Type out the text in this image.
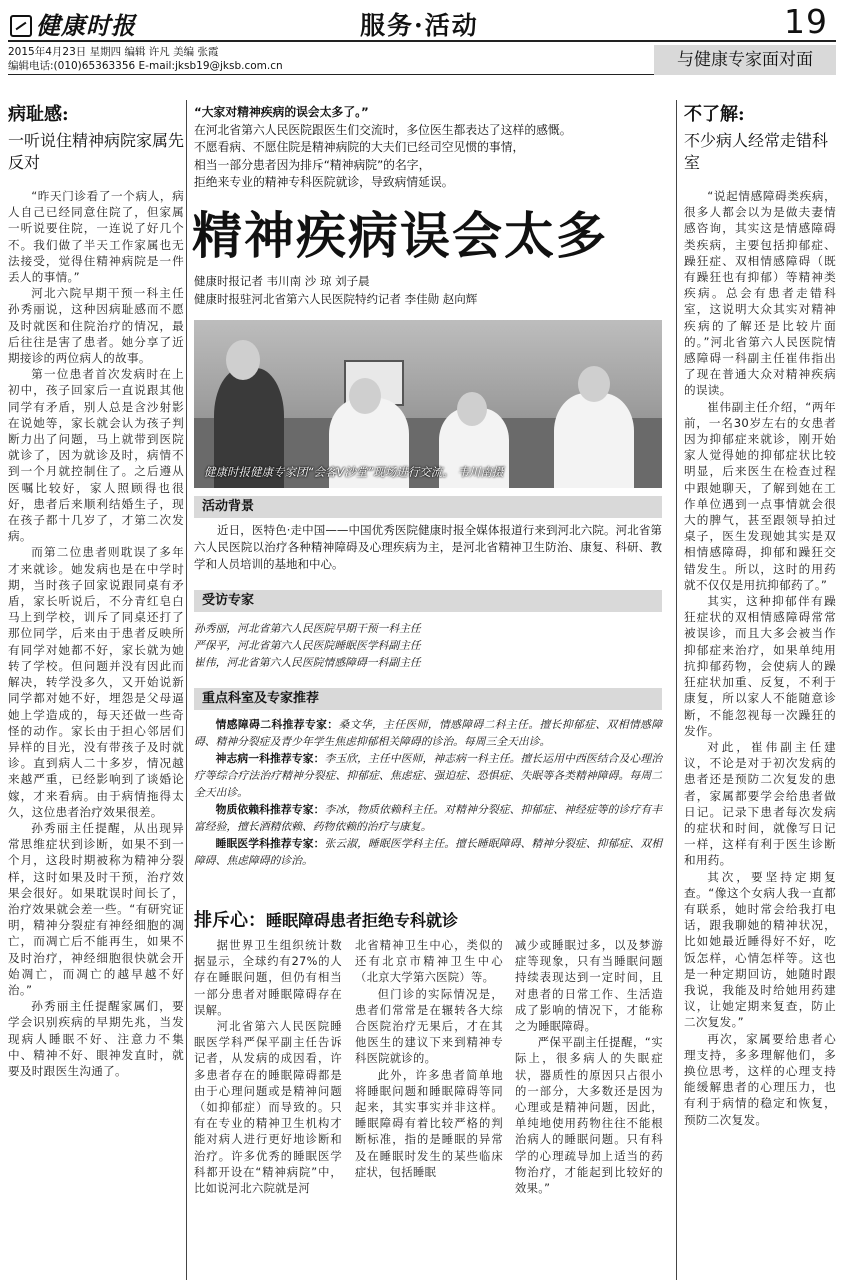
健康时报	服务·活动	19
2015年4月23日 星期四 编辑 许凡 美编 张霞
编辑电话:(010)65363356 E-mail:jksb19@jksb.com.cn	与健康专家面对面
病耻感:
一听说住精神病院家属先反对

“昨天门诊看了一个病人，病人自己已经同意住院了，但家属一听说要住院，一连说了好几个不。我们做了半天工作家属也无法接受，觉得住精神病院是一件丢人的事情。”

河北六院早期干预一科主任孙秀丽说，这种因病耻感而不愿及时就医和住院治疗的情况，最后往往是害了患者。她分享了近期接诊的两位病人的故事。

第一位患者首次发病时在上初中，孩子回家后一直说跟其他同学有矛盾，别人总是含沙射影在说她等，家长就会认为孩子判断力出了问题，马上就带到医院就诊了，因为就诊及时，病情不到一个月就控制住了。之后遵从医嘱比较好，家人照顾得也很好，患者后来顺利结婚生子，现在孩子都十几岁了，才第二次发病。

而第二位患者则耽误了多年才来就诊。她发病也是在中学时期，当时孩子回家说跟同桌有矛盾，家长听说后，不分青红皂白马上到学校，训斥了同桌还打了那位同学，后来由于患者反映所有同学对她都不好，家长就为她转了学校。但问题并没有因此而解决，转学没多久，又开始说新同学都对她不好，埋怨是父母逼她上学造成的，每天还做一些奇怪的动作。家长由于担心邻居们异样的目光，没有带孩子及时就诊。直到病人二十多岁，情况越来越严重，已经影响到了谈婚论嫁，才来看病。由于病情拖得太久，这位患者治疗效果很差。

孙秀丽主任提醒，从出现异常思维症状到诊断，如果不到一个月，这段时期被称为精神分裂样，这时如果及时干预，治疗效果会很好。如果耽误时间长了，治疗效果就会差一些。“有研究证明，精神分裂症有神经细胞的凋亡，而凋亡后不能再生，如果不及时治疗，神经细胞很快就会开始凋亡，而凋亡的越早越不好治。”

孙秀丽主任提醒家属们，要学会识别疾病的早期先兆，当发现病人睡眠不好、注意力不集中、精神不好、眼神发直时，就要及时跟医生沟通了。

“大家对精神疾病的误会太多了。”
在河北省第六人民医院跟医生们交流时，多位医生都表达了这样的感慨。
不愿看病、不愿住院是精神病院的大夫们已经司空见惯的事情，
相当一部分患者因为排斥“精神病院”的名字，
拒绝来专业的精神专科医院就诊，导致病情延误。
精神疾病误会太多
健康时报记者 韦川南 沙 琼 刘子晨
健康时报驻河北省第六人民医院特约记者 李佳勋 赵向辉
健康时报健康专家团“会客V沙堂”现场进行交流。 韦川南摄
活动背景

近日，医特色·走中国——中国优秀医院健康时报全媒体报道行来到河北六院。河北省第六人民医院以治疗各种精神障碍及心理疾病为主，是河北省精神卫生防治、康复、科研、教学和人员培训的基地和中心。

受访专家
孙秀丽，河北省第六人民医院早期干预一科主任
严保平，河北省第六人民医院睡眠医学科副主任
崔伟，河北省第六人民医院情感障碍一科副主任
重点科室及专家推荐

情感障碍二科推荐专家：桑文华，主任医师，情感障碍二科主任。擅长抑郁症、双相情感障碍、精神分裂症及青少年学生焦虑抑郁相关障碍的诊治。每周三全天出诊。

神志病一科推荐专家：李玉欣，主任中医师，神志病一科主任。擅长运用中西医结合及心理治疗等综合疗法治疗精神分裂症、抑郁症、焦虑症、强迫症、恐惧症、失眠等各类精神障碍。每周二全天出诊。

物质依赖科推荐专家：李冰，物质依赖科主任。对精神分裂症、抑郁症、神经症等的诊疗有丰富经验，擅长酒精依赖、药物依赖的治疗与康复。

睡眠医学科推荐专家：张云淑，睡眠医学科主任。擅长睡眠障碍、精神分裂症、抑郁症、双相障碍、焦虑障碍的诊治。

排斥心：睡眠障碍患者拒绝专科就诊

据世界卫生组织统计数据显示，全球约有27%的人存在睡眠问题，但仍有相当一部分患者对睡眠障碍存在误解。

河北省第六人民医院睡眠医学科严保平副主任告诉记者，从发病的成因看，许多患者存在的睡眠障碍都是由于心理问题或是精神问题（如抑郁症）而导致的。只有在专业的精神卫生机构才能对病人进行更好地诊断和治疗。许多优秀的睡眠医学科都开设在“精神病院”中，比如说河北六院就是河

北省精神卫生中心，类似的还有北京市精神卫生中心（北京大学第六医院）等。

但门诊的实际情况是，患者们常常是在辗转各大综合医院治疗无果后，才在其他医生的建议下来到精神专科医院就诊的。

此外，许多患者简单地将睡眠问题和睡眠障碍等同起来，其实事实并非这样。睡眠障碍有着比较严格的判断标准，指的是睡眠的异常及在睡眠时发生的某些临床症状，包括睡眠

减少或睡眠过多，以及梦游症等现象，只有当睡眠问题持续表现达到一定时间，且对患者的日常工作、生活造成了影响的情况下，才能称之为睡眠障碍。

严保平副主任提醒，“实际上，很多病人的失眠症状，器质性的原因只占很小的一部分，大多数还是因为心理或是精神问题，因此，单纯地使用药物往往不能根治病人的睡眠问题。只有科学的心理疏导加上适当的药物治疗，才能起到比较好的效果。”

不了解:
不少病人经常走错科室

“说起情感障碍类疾病，很多人都会以为是做夫妻情感咨询，其实这是情感障碍类疾病，主要包括抑郁症、躁狂症、双相情感障碍（既有躁狂也有抑郁）等精神类疾病。总会有患者走错科室，这说明大众其实对精神疾病的了解还是比较片面的。”河北省第六人民医院情感障碍一科副主任崔伟指出了现在普通大众对精神疾病的误读。

崔伟副主任介绍，“两年前，一名30岁左右的女患者因为抑郁症来就诊，刚开始家人觉得她的抑郁症状比较明显，后来医生在检查过程中跟她聊天，了解到她在工作单位遇到一点事情就会很大的脾气，甚至跟领导拍过桌子，医生发现她其实是双相情感障碍，抑郁和躁狂交错发生。所以，这时的用药就不仅仅是用抗抑郁药了。”

其实，这种抑郁伴有躁狂症状的双相情感障碍常常被误诊，而且大多会被当作抑郁症来治疗，如果单纯用抗抑郁药物，会使病人的躁狂症状加重、反复，不利于康复，所以家人不能随意诊断，不能忽视每一次躁狂的发作。

对此，崔伟副主任建议，不论是对于初次发病的患者还是预防二次复发的患者，家属都要学会给患者做日记。记录下患者每次发病的症状和时间，就像写日记一样，这样有利于医生诊断和用药。

其次，要坚持定期复查。“像这个女病人我一直都有联系，她时常会给我打电话，跟我聊她的精神状况，比如她最近睡得好不好，吃饭怎样，心情怎样等。这也是一种定期回访，她随时跟我说，我能及时给她用药建议，让她定期来复查，防止二次复发。”

再次，家属要给患者心理支持，多多理解他们，多换位思考，这样的心理支持能缓解患者的心理压力，也有利于病情的稳定和恢复，预防二次复发。
